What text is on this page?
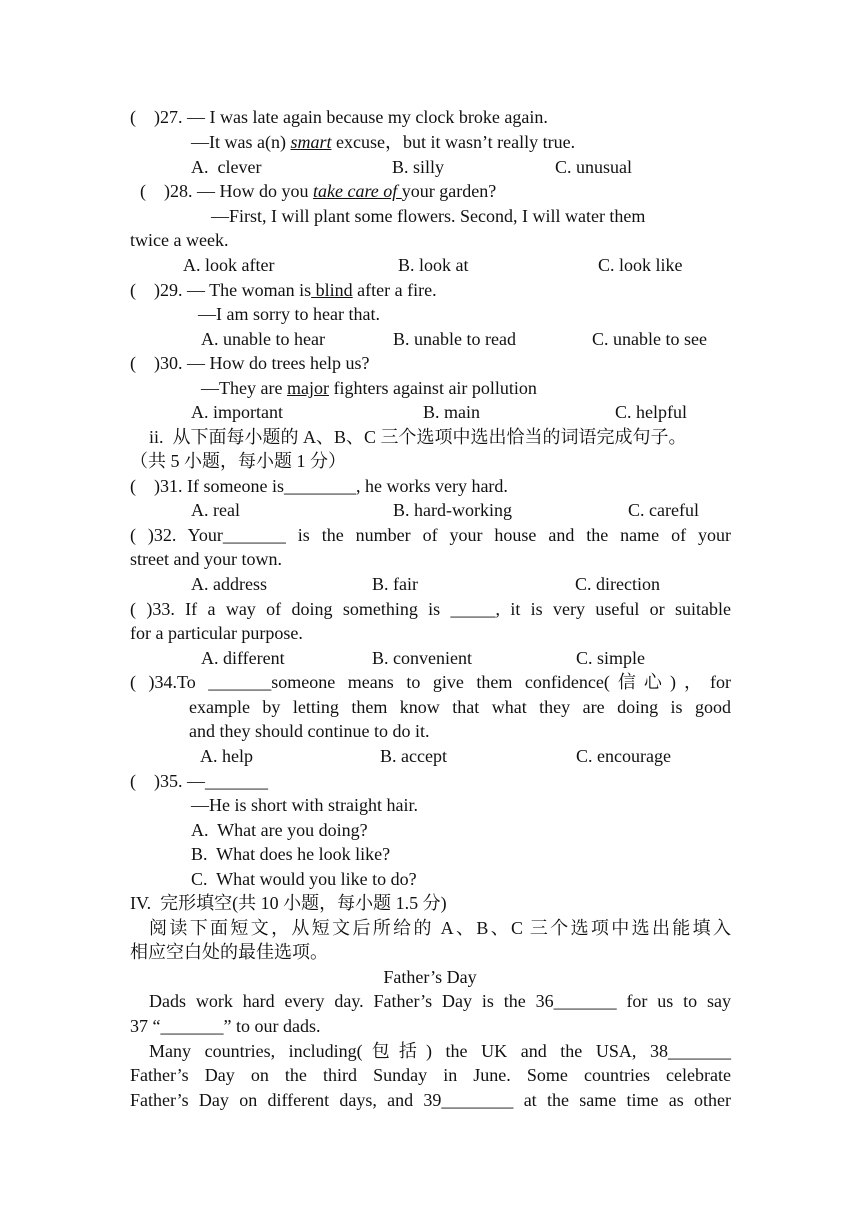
(    )27. — I was late again because my clock broke again.
—It was a(n) smart excuse，but it wasn’t really true.
A.  clever	B. silly	C. unusual
(    )28. — How do you take care of your garden?
—First, I will plant some flowers. Second, I will water them
twice a week.
A. look after	B. look at	C. look like
(    )29. — The woman is blind after a fire.
—I am sorry to hear that.
A. unable to hear	B. unable to read	C. unable to see
(    )30. — How do trees help us?
—They are major fighters against air pollution
A. important	B. main	C. helpful
ii.  从下面每小题的 A、B、C 三个选项中选出恰当的词语完成句子。
（共 5 小题，每小题 1 分）
(    )31. If someone is________, he works very hard.
A. real	B. hard-working	C. careful
( )32. Your_______ is the number of your house and the name of your
street and your town.
A. address	B. fair	C. direction
( )33. If a way of doing something is _____, it is very useful or suitable
for a particular purpose.
A. different	B. convenient	C. simple
( )34.To _______someone means to give them confidence(信心)，for
example by letting them know that what they are doing is good
and they should continue to do it.
A. help	B. accept	C. encourage
(    )35. —_______
—He is short with straight hair.
A.  What are you doing?
B.  What does he look like?
C.  What would you like to do?
IV.  完形填空(共 10 小题，每小题 1.5 分)
阅读下面短文，从短文后所给的 A、B、C 三个选项中选出能填入
相应空白处的最佳选项。
Father’s Day
Dads work hard every day. Father’s Day is the 36_______ for us to say
37 “_______” to our dads.
Many countries, including(包括) the UK and the USA, 38_______
Father’s Day on the third Sunday in June. Some countries celebrate
Father’s Day on different days, and 39________ at the same time as other
